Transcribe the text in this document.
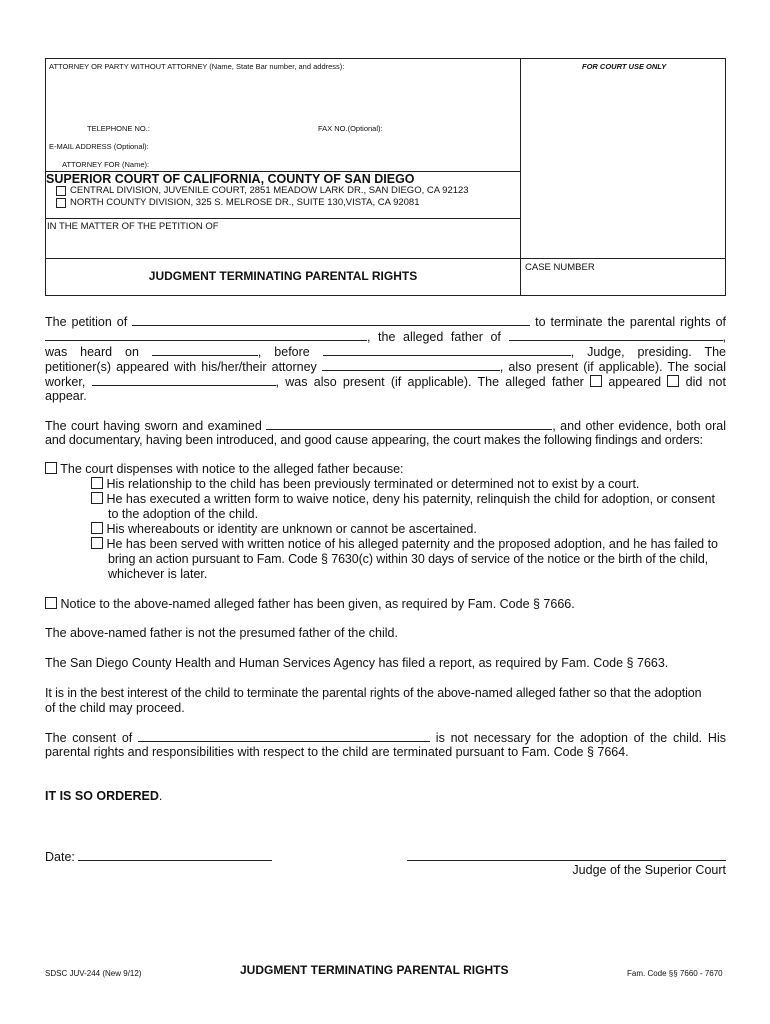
ATTORNEY OR PARTY WITHOUT ATTORNEY (Name, State Bar number, and address):	FOR COURT USE ONLY
TELEPHONE NO.:	FAX NO.(Optional):
E-MAIL ADDRESS (Optional):
ATTORNEY FOR (Name):
SUPERIOR COURT OF CALIFORNIA, COUNTY OF SAN DIEGO
CENTRAL DIVISION, JUVENILE COURT, 2851 MEADOW LARK DR., SAN DIEGO, CA 92123
NORTH COUNTY DIVISION, 325 S. MELROSE DR., SUITE 130,VISTA, CA 92081
IN THE MATTER OF THE PETITION OF
CASE NUMBER
JUDGMENT TERMINATING PARENTAL RIGHTS
The petition of	to terminate the parental rights of
, the alleged father of	,
was heard on	, before	, Judge, presiding. The
petitioner(s) appeared with his/her/their attorney	, also present (if applicable). The social
worker,	, was also present (if applicable). The alleged father appeared did not
appear.
The court having sworn and examined	, and other evidence, both oral
and documentary, having been introduced, and good cause appearing, the court makes the following findings and orders:
The court dispenses with notice to the alleged father because:
His relationship to the child has been previously terminated or determined not to exist by a court.
He has executed a written form to waive notice, deny his paternity, relinquish the child for adoption, or consent
to the adoption of the child.
His whereabouts or identity are unknown or cannot be ascertained.
He has been served with written notice of his alleged paternity and the proposed adoption, and he has failed to
bring an action pursuant to Fam. Code § 7630(c) within 30 days of service of the notice or the birth of the child,
whichever is later.
Notice to the above-named alleged father has been given, as required by Fam. Code § 7666.
The above-named father is not the presumed father of the child.
The San Diego County Health and Human Services Agency has filed a report, as required by Fam. Code § 7663.
It is in the best interest of the child to terminate the parental rights of the above-named alleged father so that the adoption
of the child may proceed.
The consent of	is not necessary for the adoption of the child. His
parental rights and responsibilities with respect to the child are terminated pursuant to Fam. Code § 7664.
IT IS SO ORDERED.
Date:
Judge of the Superior Court
SDSC JUV-244 (New 9/12)	JUDGMENT TERMINATING PARENTAL RIGHTS	Fam. Code §§ 7660 - 7670
